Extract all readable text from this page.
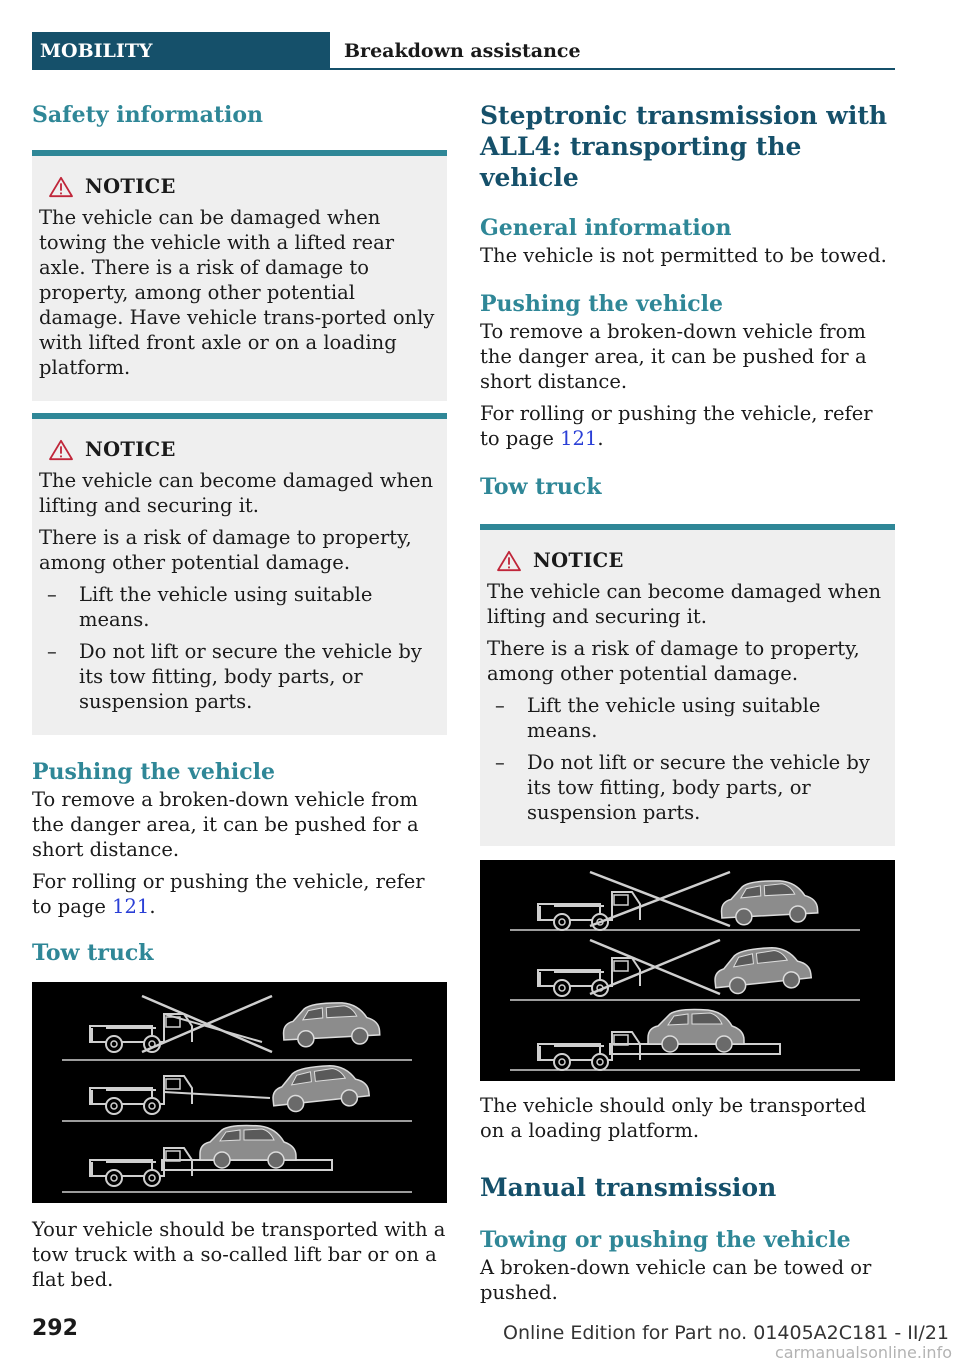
MOBILITY	Breakdown assistance
Safety information
NOTICE

The vehicle can be damaged when towing the vehicle with a lifted rear axle. There is a risk of damage to property, among other potential damage. Have vehicle trans-ported only with lifted front axle or on a loading platform.

NOTICE

The vehicle can become damaged when lifting and securing it.

There is a risk of damage to property, among other potential damage.

– Lift the vehicle using suitable means.
– Do not lift or secure the vehicle by its tow fitting, body parts, or suspension parts.
Pushing the vehicle

To remove a broken-down vehicle from the danger area, it can be pushed for a short distance.

For rolling or pushing the vehicle, refer to page 121.

Tow truck

Your vehicle should be transported with a tow truck with a so-called lift bar or on a flat bed.

Steptronic transmission with ALL4: transporting the vehicle
General information

The vehicle is not permitted to be towed.

Pushing the vehicle

To remove a broken-down vehicle from the danger area, it can be pushed for a short distance.

For rolling or pushing the vehicle, refer to page 121.

Tow truck
NOTICE

The vehicle can become damaged when lifting and securing it.

There is a risk of damage to property, among other potential damage.

– Lift the vehicle using suitable means.
– Do not lift or secure the vehicle by its tow fitting, body parts, or suspension parts.

The vehicle should only be transported on a loading platform.

Manual transmission
Towing or pushing the vehicle

A broken-down vehicle can be towed or pushed.

292	Online Edition for Part no. 01405A2C181 - II/21
carmanualsonline.info
